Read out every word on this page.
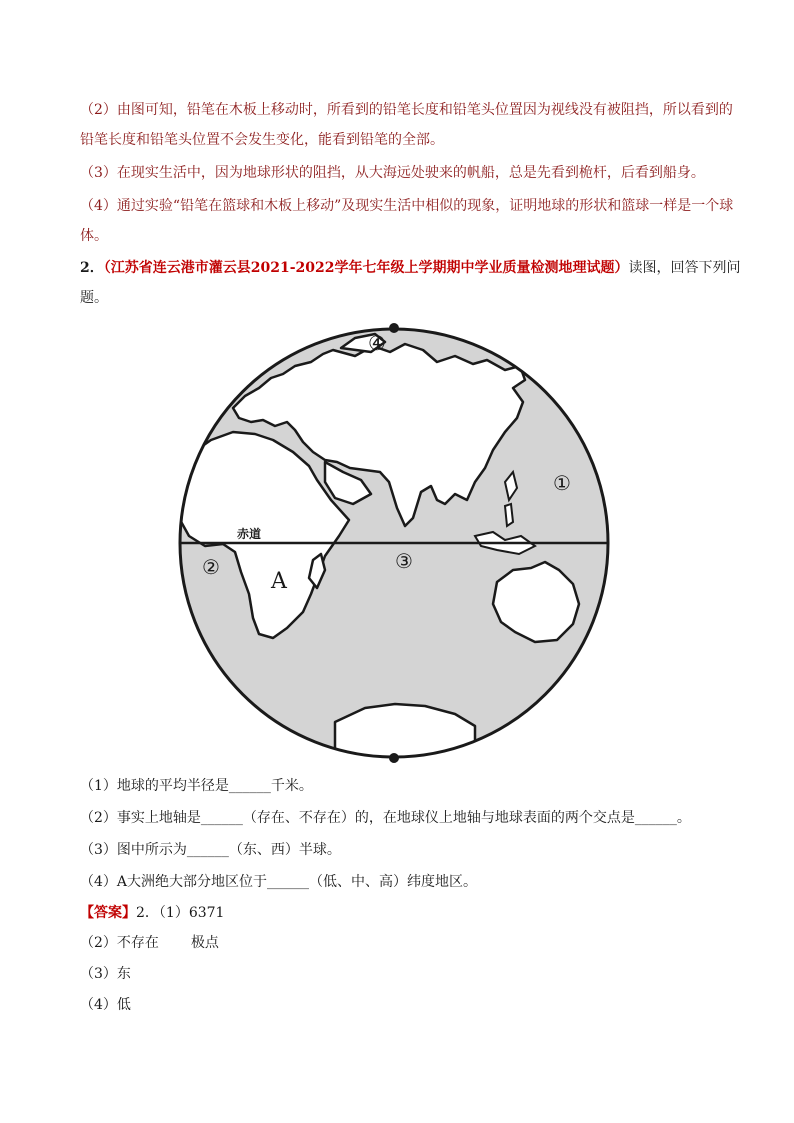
（2）由图可知，铅笔在木板上移动时，所看到的铅笔长度和铅笔头位置因为视线没有被阻挡，所以看到的
铅笔长度和铅笔头位置不会发生变化，能看到铅笔的全部。
（3）在现实生活中，因为地球形状的阻挡，从大海远处驶来的帆船，总是先看到桅杆，后看到船身。
（4）通过实验“铅笔在篮球和木板上移动”及现实生活中相似的现象，证明地球的形状和篮球一样是一个球
体。
2．（江苏省连云港市灌云县2021-2022学年七年级上学期期中学业质量检测地理试题）读图，回答下列问
题。
④
①
②	③
A
赤道
（1）地球的平均半径是______千米。
（2）事实上地轴是______（存在、不存在）的，在地球仪上地轴与地球表面的两个交点是______。
（3）图中所示为______（东、西）半球。
（4）A大洲绝大部分地区位于______（低、中、高）纬度地区。
【答案】2．（1）6371
（2）不存在 极点
（3）东
（4）低
